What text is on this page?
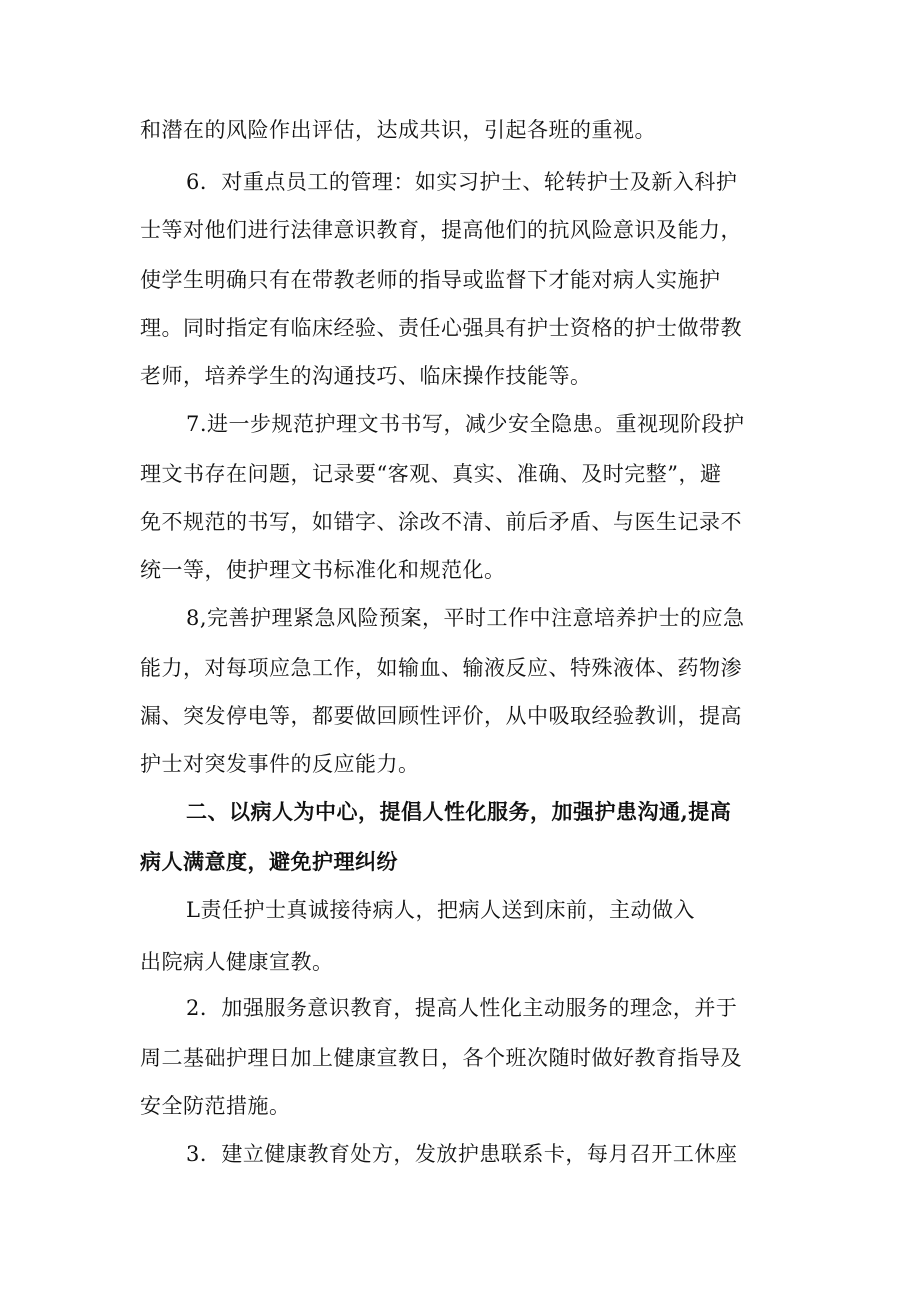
和潜在的风险作出评估，达成共识，引起各班的重视。

6．对重点员工的管理：如实习护士、轮转护士及新入科护

士等对他们进行法律意识教育，提高他们的抗风险意识及能力，

使学生明确只有在带教老师的指导或监督下才能对病人实施护

理。同时指定有临床经验、责任心强具有护士资格的护士做带教

老师，培养学生的沟通技巧、临床操作技能等。

7.进一步规范护理文书书写，减少安全隐患。重视现阶段护

理文书存在问题，记录要“客观、真实、准确、及时完整”，避

免不规范的书写，如错字、涂改不清、前后矛盾、与医生记录不

统一等，使护理文书标准化和规范化。

8,完善护理紧急风险预案，平时工作中注意培养护士的应急

能力，对每项应急工作，如输血、输液反应、特殊液体、药物渗

漏、突发停电等，都要做回顾性评价，从中吸取经验教训，提高

护士对突发事件的反应能力。

二、以病人为中心，提倡人性化服务，加强护患沟通,提高

病人满意度，避免护理纠纷

L责任护士真诚接待病人，把病人送到床前，主动做入

出院病人健康宣教。

2．加强服务意识教育，提高人性化主动服务的理念，并于

周二基础护理日加上健康宣教日，各个班次随时做好教育指导及

安全防范措施。

3．建立健康教育处方，发放护患联系卡，每月召开工休座
